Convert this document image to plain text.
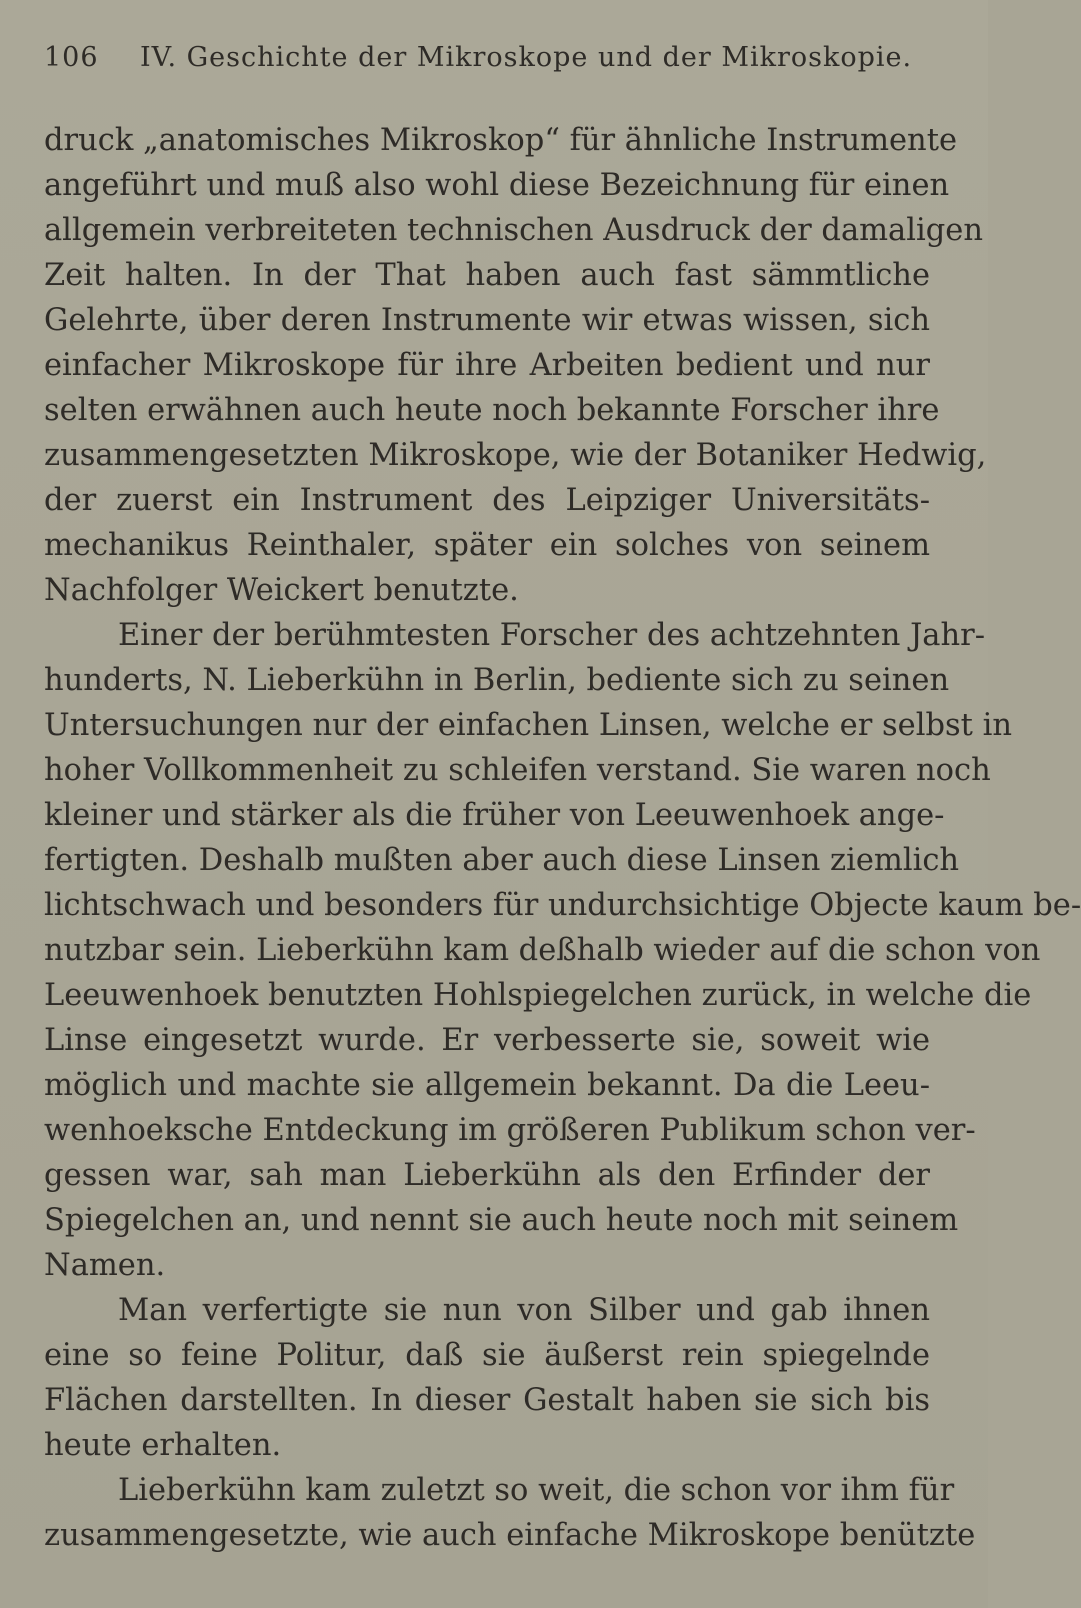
106 IV. Geschichte der Mikroskope und der Mikroskopie.
druck „anatomisches Mikroskop“ für ähnliche Instrumente
angeführt und muß also wohl diese Bezeichnung für einen
allgemein verbreiteten technischen Ausdruck der damaligen
Zeit halten. In der That haben auch fast sämmtliche
Gelehrte, über deren Instrumente wir etwas wissen, sich
einfacher Mikroskope für ihre Arbeiten bedient und nur
selten erwähnen auch heute noch bekannte Forscher ihre
zusammengesetzten Mikroskope, wie der Botaniker Hedwig,
der zuerst ein Instrument des Leipziger Universitäts-
mechanikus Reinthaler, später ein solches von seinem
Nachfolger Weickert benutzte.
Einer der berühmtesten Forscher des achtzehnten Jahr-
hunderts, N. Lieberkühn in Berlin, bediente sich zu seinen
Untersuchungen nur der einfachen Linsen, welche er selbst in
hoher Vollkommenheit zu schleifen verstand. Sie waren noch
kleiner und stärker als die früher von Leeuwenhoek ange-
fertigten. Deshalb mußten aber auch diese Linsen ziemlich
lichtschwach und besonders für undurchsichtige Objecte kaum be-
nutzbar sein. Lieberkühn kam deßhalb wieder auf die schon von
Leeuwenhoek benutzten Hohlspiegelchen zurück, in welche die
Linse eingesetzt wurde. Er verbesserte sie, soweit wie
möglich und machte sie allgemein bekannt. Da die Leeu-
wenhoeksche Entdeckung im größeren Publikum schon ver-
gessen war, sah man Lieberkühn als den Erfinder der
Spiegelchen an, und nennt sie auch heute noch mit seinem
Namen.
Man verfertigte sie nun von Silber und gab ihnen
eine so feine Politur, daß sie äußerst rein spiegelnde
Flächen darstellten. In dieser Gestalt haben sie sich bis
heute erhalten.
Lieberkühn kam zuletzt so weit, die schon vor ihm für
zusammengesetzte, wie auch einfache Mikroskope benützte
